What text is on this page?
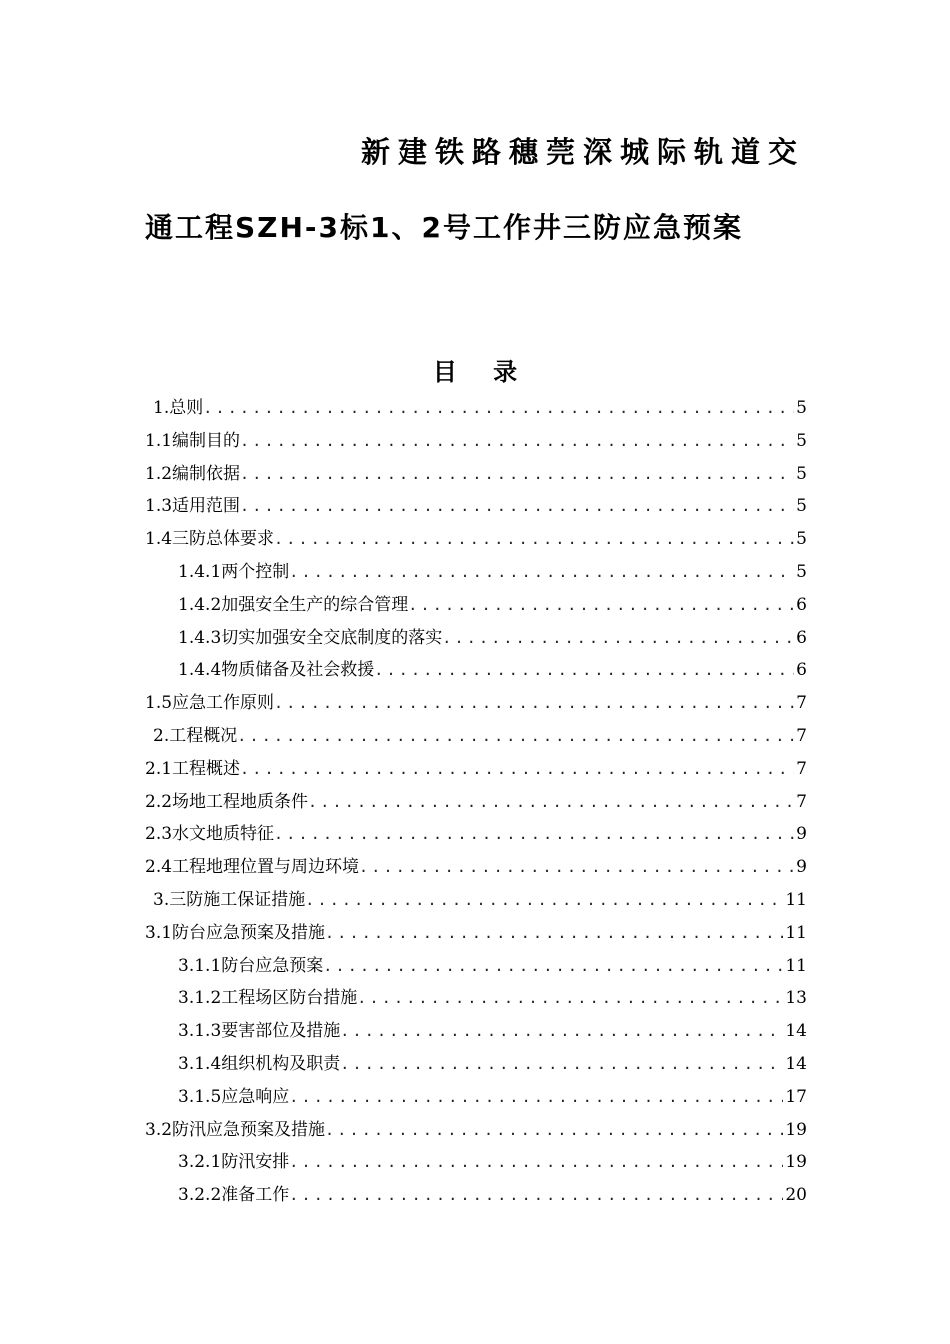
新建铁路穗莞深城际轨道交
通工程SZH-3标1、2号工作井三防应急预案
目 录
1.总则 .....	5
1.1编制目的 .....	5
1.2编制依据 .....	5
1.3适用范围 .....	5
1.4三防总体要求 .....	5
1.4.1两个控制 .....	5
1.4.2加强安全生产的综合管理 .....	6
1.4.3切实加强安全交底制度的落实 .....	6
1.4.4物质储备及社会救援 .....	6
1.5应急工作原则 .....	7
2.工程概况 .....	7
2.1工程概述 .....	7
2.2场地工程地质条件 .....	7
2.3水文地质特征 .....	9
2.4工程地理位置与周边环境 .....	9
3.三防施工保证措施 .....	11
3.1防台应急预案及措施 .....	11
3.1.1防台应急预案 .....	11
3.1.2工程场区防台措施 .....	13
3.1.3要害部位及措施 .....	14
3.1.4组织机构及职责 .....	14
3.1.5应急响应 .....	17
3.2防汛应急预案及措施 .....	19
3.2.1防汛安排 .....	19
3.2.2准备工作 .....	20
